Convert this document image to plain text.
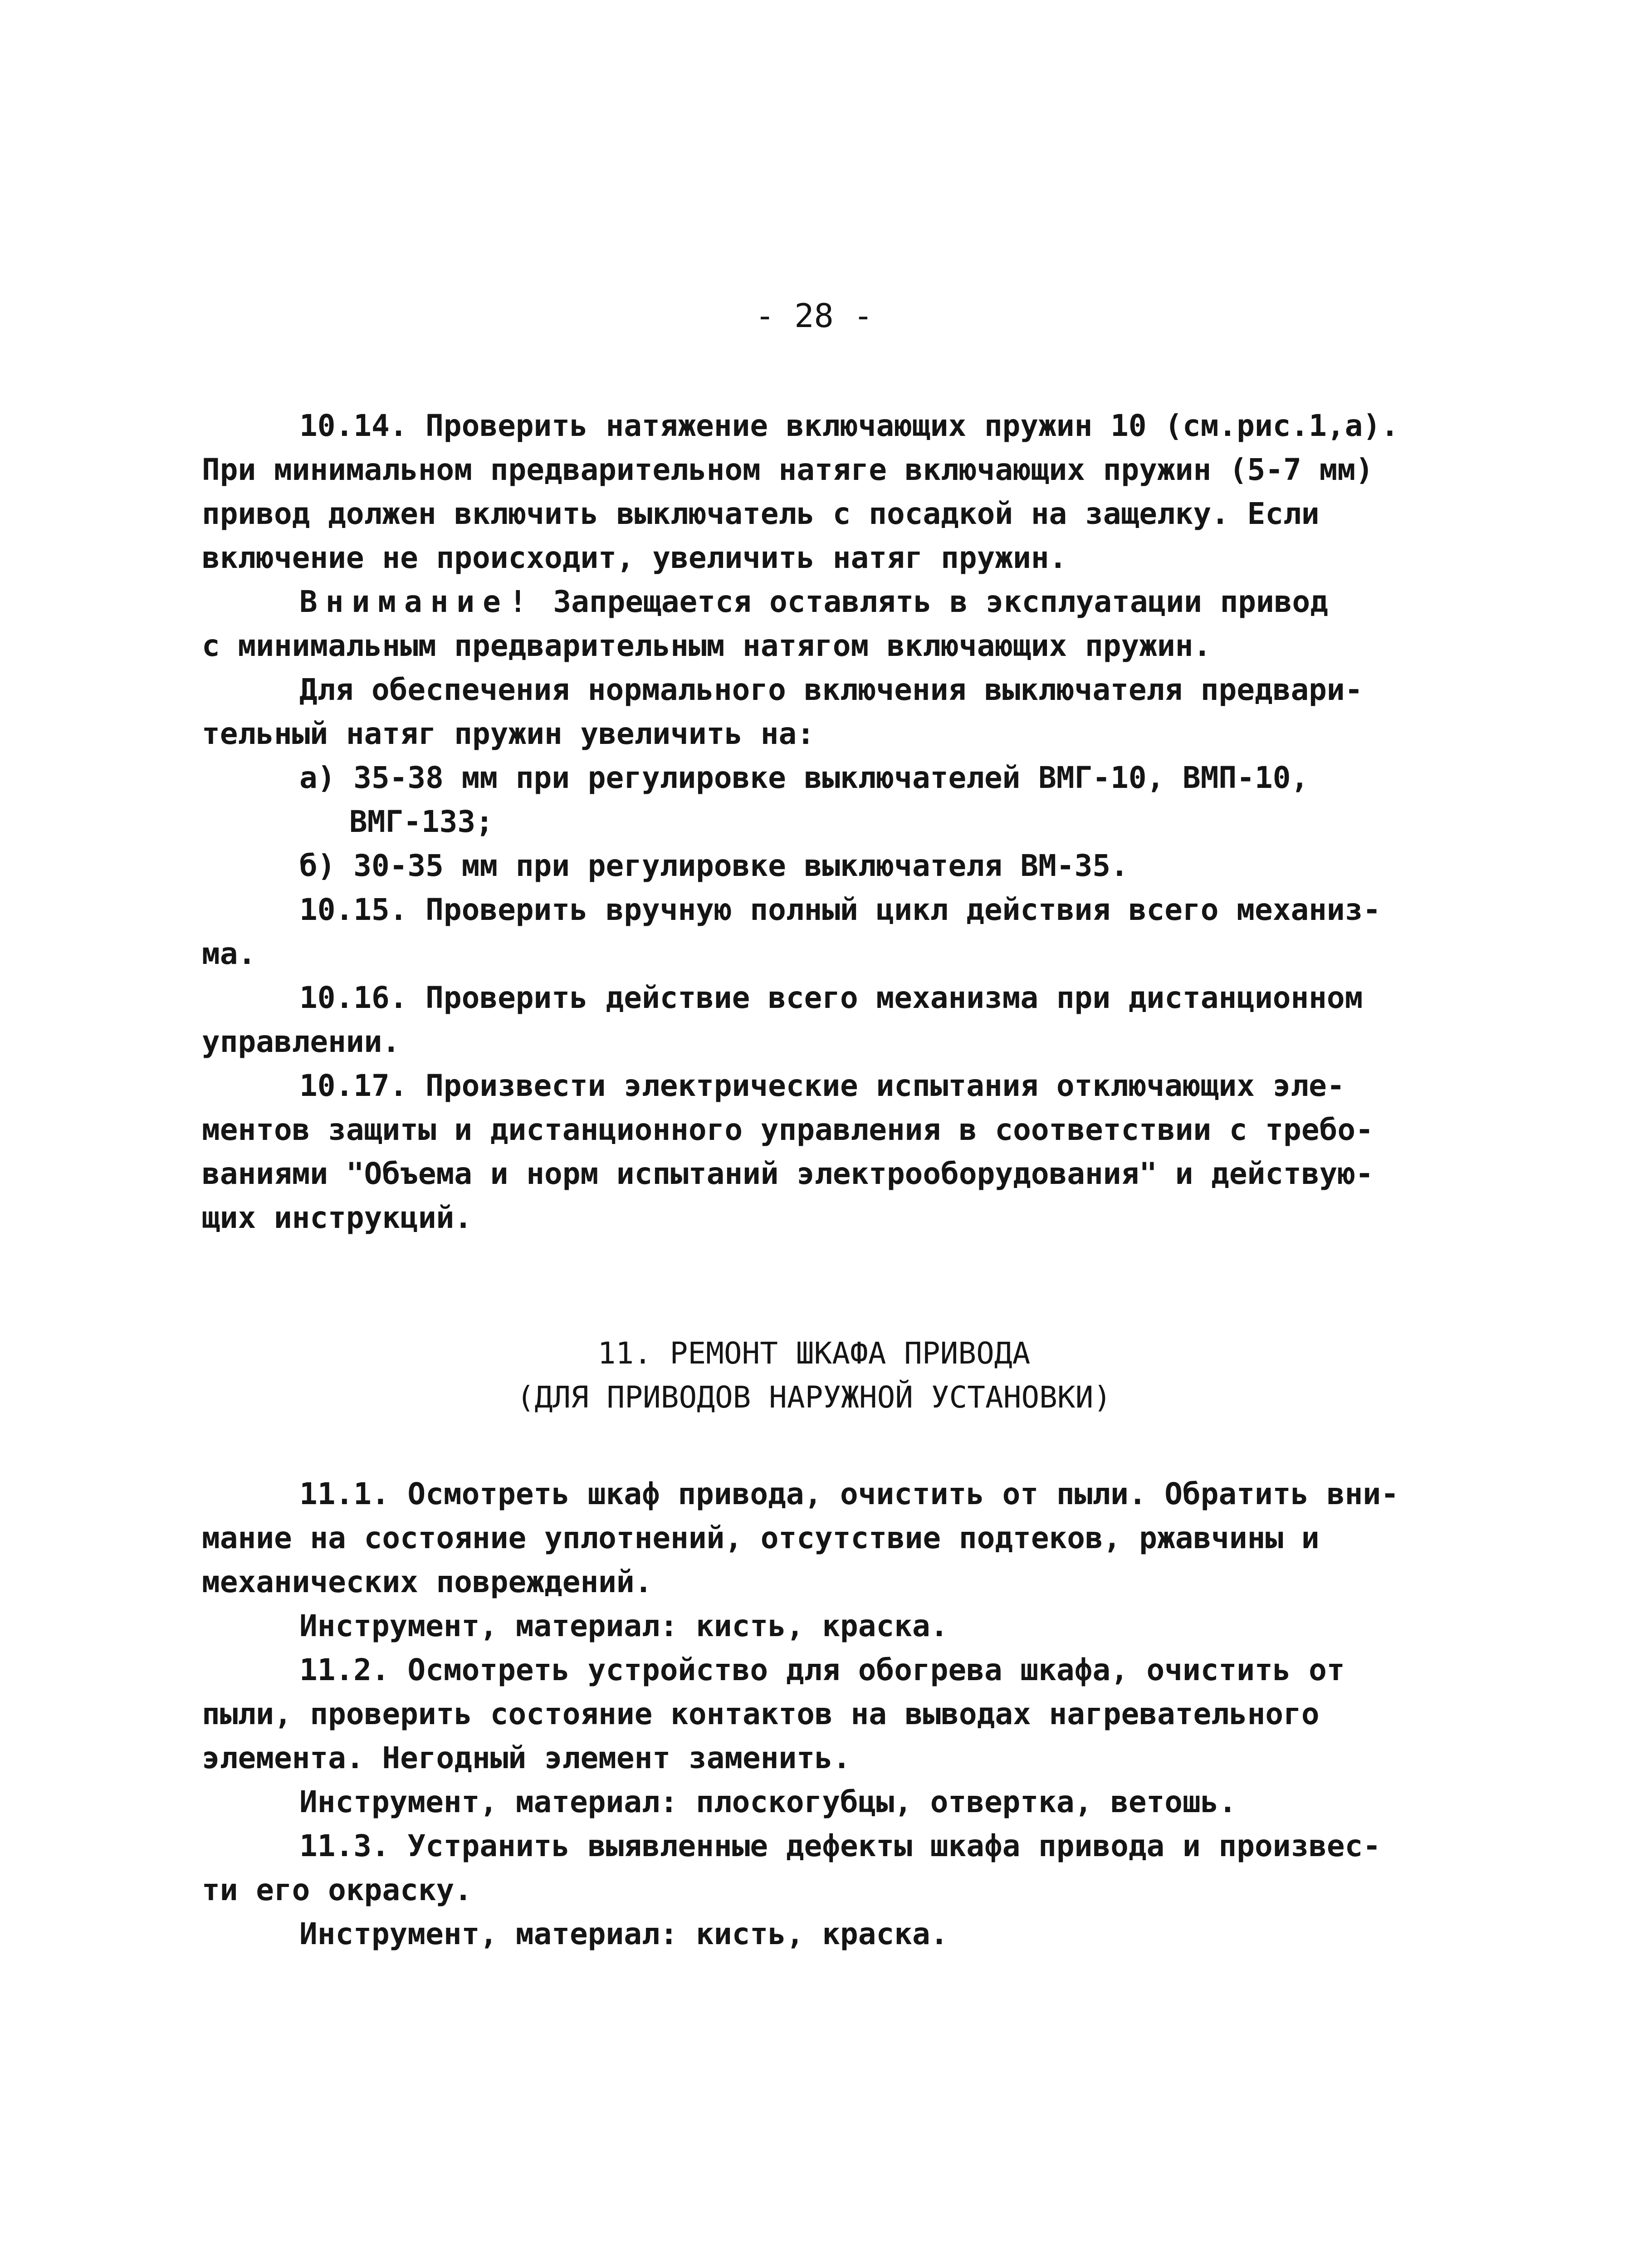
- 28 -
10.14. Проверить натяжение включающих пружин 10 (см.рис.1,а).
При минимальном предварительном натяге включающих пружин (5-7 мм)
привод должен включить выключатель с посадкой на защелку. Если
включение не происходит, увеличить натяг пружин.
Внимание! Запрещается оставлять в эксплуатации привод
с минимальным предварительным натягом включающих пружин.
Для обеспечения нормального включения выключателя предвари-
тельный натяг пружин увеличить на:
а) 35-38 мм при регулировке выключателей ВМГ-10, ВМП-10,
ВМГ-133;
б) 30-35 мм при регулировке выключателя ВМ-35.
10.15. Проверить вручную полный цикл действия всего механиз-
ма.
10.16. Проверить действие всего механизма при дистанционном
управлении.
10.17. Произвести электрические испытания отключающих эле-
ментов защиты и дистанционного управления в соответствии с требо-
ваниями "Объема и норм испытаний электрооборудования" и действую-
щих инструкций.
11. РЕМОНТ ШКАФА ПРИВОДА
(ДЛЯ ПРИВОДОВ НАРУЖНОЙ УСТАНОВКИ)
11.1. Осмотреть шкаф привода, очистить от пыли. Обратить вни-
мание на состояние уплотнений, отсутствие подтеков, ржавчины и
механических повреждений.
Инструмент, материал: кисть, краска.
11.2. Осмотреть устройство для обогрева шкафа, очистить от
пыли, проверить состояние контактов на выводах нагревательного
элемента. Негодный элемент заменить.
Инструмент, материал: плоскогубцы, отвертка, ветошь.
11.3. Устранить выявленные дефекты шкафа привода и произвес-
ти его окраску.
Инструмент, материал: кисть, краска.
